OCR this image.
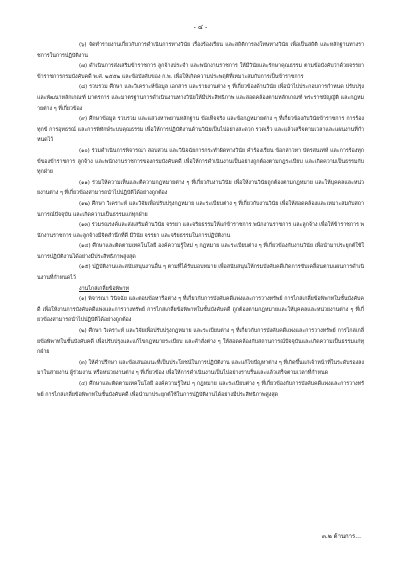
- ๔ -

(๖) จัดทำรายงานเกี่ยวกับการดำเนินการทางวินัย เรื่องร้องเรียน และสถิติการลงโทษทางวินัย เพื่อเป็นสถิติ และหลักฐานทางราชการในการปฏิบัติงาน

(๗) ดำเนินการส่งเสริมข้าราชการ ลูกจ้างประจำ และพนักงานราชการ ให้มีวินัยและรักษาคุณธรรม ตามข้อบังคับว่าด้วยจรรยาข้าราชการกรมบังคับคดี พ.ศ. ๒๕๕๒ และข้อบังคับของ ก.พ. เพื่อให้เกิดความประพฤติที่เหมาะสมกับการเป็นข้าราชการ

(๘) รวบรวม ศึกษา และวิเคราะห์ข้อมูล เอกสาร และรายงานต่าง ๆ ที่เกี่ยวข้องด้านวินัย เพื่อนำไปประกอบการกำหนด ปรับปรุง และพัฒนาหลักเกณฑ์ มาตรการ และมาตรฐานการดำเนินงานทางวินัยให้มีประสิทธิภาพ และสอดคล้องตามหลักเกณฑ์ พระราชบัญญัติ และกฎหมายต่าง ๆ ที่เกี่ยวข้อง

(๙) ศึกษาข้อมูล รวบรวม และแสวงหาพยานหลักฐาน ข้อเท็จจริง และข้อกฎหมายต่าง ๆ ที่เกี่ยวข้องกับวินัยข้าราชการ การร้องทุกข์ การอุทธรณ์ และการพิทักษ์ระบบคุณธรรม เพื่อให้การปฏิบัติงานด้านวินัยเป็นไปอย่างสะดวก รวดเร็ว และแล้วเสร็จตามเวลาและแผนงานที่กำหนดไว้

(๑๐) ร่วมดำเนินการพิจารณา สอบสวน และวินิจฉัยการกระทำผิดทางวินัย คำร้องเรียน ข้อกล่าวหา บัตรสนเท่ห์ และการร้องทุกข์ของข้าราชการ ลูกจ้าง และพนักงานราชการของกรมบังคับคดี เพื่อให้การดำเนินงานเป็นอย่างถูกต้องตามกฎระเบียบ และเกิดความเป็นธรรมกับทุกฝ่าย

(๑๑) ร่วมให้ความเห็นและตีความกฎหมายต่าง ๆ ที่เกี่ยวกับงานวินัย เพื่อให้งานวินัยถูกต้องตามกฎหมาย และให้บุคคลและหน่วยงานต่าง ๆ ที่เกี่ยวข้องสามารถนำไปปฏิบัติได้อย่างถูกต้อง

(๑๒) ศึกษา วิเคราะห์ และวิจัยเพื่อปรับปรุงกฎหมาย และระเบียบต่าง ๆ ที่เกี่ยวกับงานวินัย เพื่อให้สอดคล้องและเหมาะสมกับสถานการณ์ปัจจุบัน และเกิดความเป็นธรรมแก่ทุกฝ่าย

(๑๓) ร่วมรณรงค์และส่งเสริมด้านวินัย จรรยา และจริยธรรมให้แก่ข้าราชการ พนักงานราชการ และลูกจ้าง เพื่อให้ข้าราชการ พนักงานราชการ และลูกจ้างมีจิตสำนึกที่ดี มีวินัย จรรยา และจริยธรรมในการปฏิบัติงาน

(๑๔) ศึกษาและติดตามเทคโนโลยี องค์ความรู้ใหม่ ๆ กฎหมาย และระเบียบต่าง ๆ ที่เกี่ยวข้องกับงานวินัย เพื่อนำมาประยุกต์ใช้ในการปฏิบัติงานได้อย่างมีประสิทธิภาพสูงสุด

(๑๕) ปฏิบัติงานและสนับสนุนงานอื่น ๆ ตามที่ได้รับมอบหมาย เพื่อสนับสนุนให้กรมบังคับคดีเกิดการขับเคลื่อนตามแผนการดำเนินงานที่กำหนดไว้

งานไกล่เกลี่ยข้อพิพาท

(๑) พิจารณา วินิจฉัย และตอบข้อหารือต่าง ๆ ที่เกี่ยวกับการบังคับคดีแพ่งและการวางทรัพย์ การไกล่เกลี่ยข้อพิพาทในชั้นบังคับคดี เพื่อให้งานการบังคับคดีแพ่งและการวางทรัพย์ การไกล่เกลี่ยข้อพิพาทในชั้นบังคับคดี ถูกต้องตามกฎหมายและให้บุคคลและหน่วยงานต่าง ๆ ที่เกี่ยวข้องสามารถนำไปปฏิบัติได้อย่างถูกต้อง

(๒) ศึกษา วิเคราะห์ และวิจัยเพื่อปรับปรุงกฎหมาย และระเบียบต่าง ๆ ที่เกี่ยวกับการบังคับคดีแพ่งและการวางทรัพย์ การไกล่เกลี่ยข้อพิพาทในชั้นบังคับคดี เพื่อปรับปรุงและแก้ไขกฎหมายระเบียบ และคำสั่งต่าง ๆ ให้สอดคล้องกับสถานการณ์ปัจจุบันและเกิดความเป็นธรรมแก่ทุกฝ่าย

(๓) ให้คำปรึกษา และข้อเสนอแนะที่เป็นประโยชน์ในการปฏิบัติงาน และแก้ไขปัญหาต่าง ๆ ที่เกิดขึ้นแก่เจ้าหน้าที่ในระดับรองลงมาในสายงาน ผู้ร่วมงาน หรือหน่วยงานต่าง ๆ ที่เกี่ยวข้อง เพื่อให้การดำเนินงานเป็นไปอย่างราบรื่นและแล้วเสร็จตามเวลาที่กำหนด

(๔) ศึกษาและติดตามเทคโนโลยี องค์ความรู้ใหม่ ๆ กฎหมาย และระเบียบต่าง ๆ ที่เกี่ยวข้องกับการบังคับคดีแพ่งและการวางทรัพย์ การไกล่เกลี่ยข้อพิพาทในชั้นบังคับคดี เพื่อนำมาประยุกต์ใช้ในการปฏิบัติงานได้อย่างมีประสิทธิภาพสูงสุด

๓.๒ ด้านการ...
